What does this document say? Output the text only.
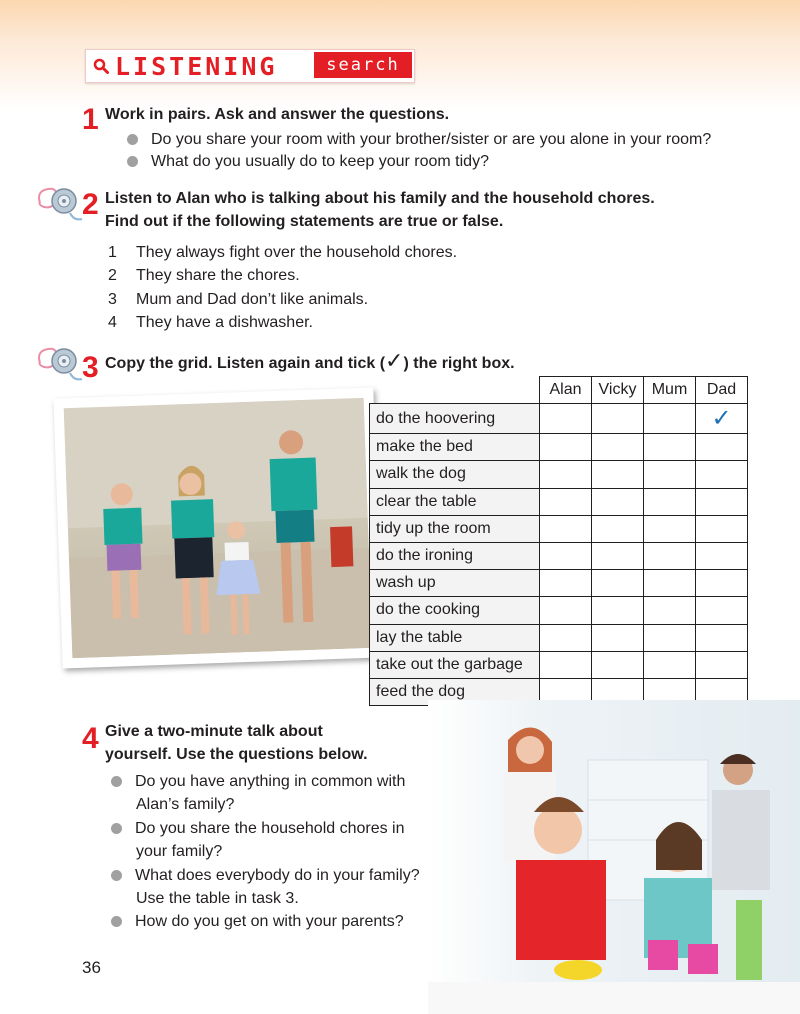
LISTENING	search
1 Work in pairs. Ask and answer the questions.
Do you share your room with your brother/sister or are you alone in your room?
What do you usually do to keep your room tidy?
2 Listen to Alan who is talking about his family and the household chores.
Find out if the following statements are true or false.
1 They always fight over the household chores.
2 They share the chores.
3 Mum and Dad don’t like animals.
4 They have a dishwasher.
3 Copy the grid. Listen again and tick (✓) the right box.
	Alan	Vicky	Mum	Dad
do the hoovering				✓
make the bed				
walk the dog				
clear the table				
tidy up the room				
do the ironing				
wash up				
do the cooking				
lay the table				
take out the garbage				
feed the dog				
4 Give a two-minute talk about
yourself. Use the questions below.
Do you have anything in common with
Alan’s family?
Do you share the household chores in
your family?
What does everybody do in your family?
Use the table in task 3.
How do you get on with your parents?
36
